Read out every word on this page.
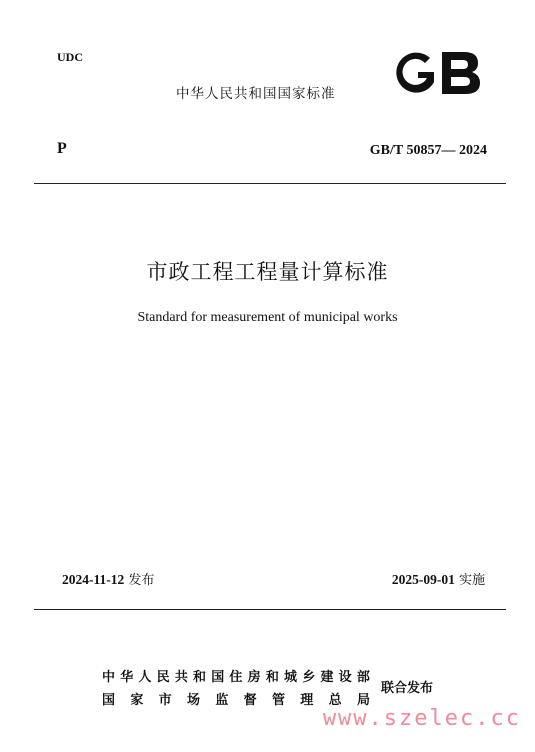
UDC
中华人民共和国国家标准
P	GB/T 50857— 2024
市政工程工程量计算标准
Standard for measurement of municipal works
2024-11-12 发布	2025-09-01 实施
中 华 人 民 共 和 国 住 房 和 城 乡 建 设 部
国 家 市 场 监 督 管 理 总 局
联合发布
www.szelec.cc
